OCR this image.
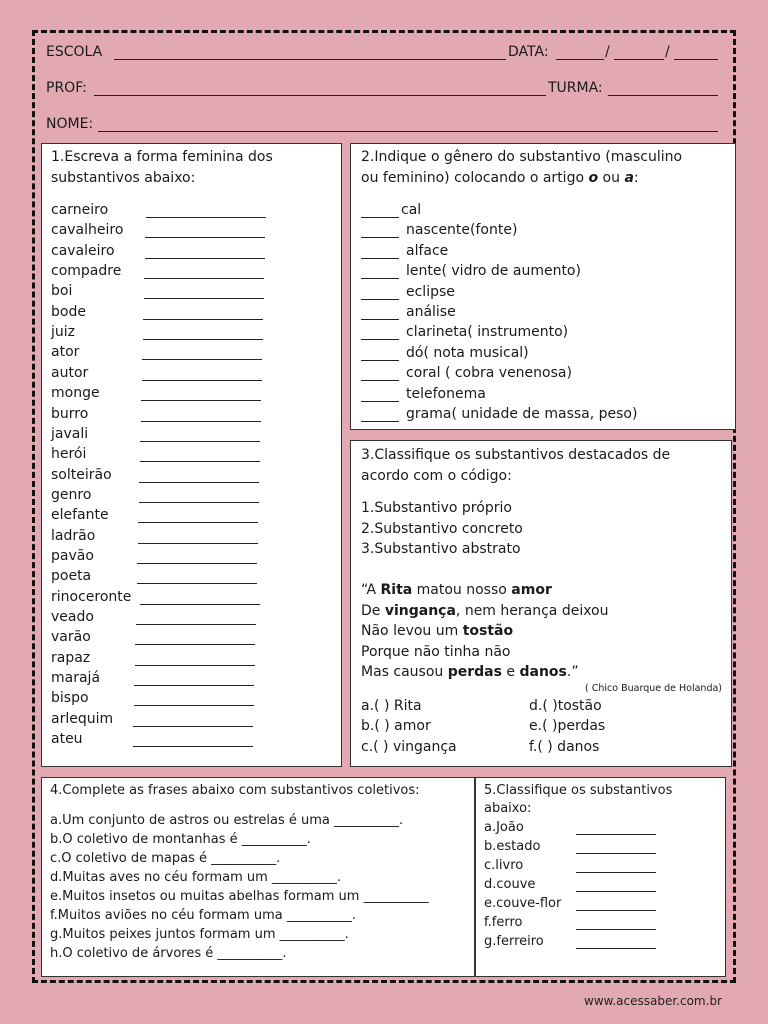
ESCOLA	DATA:	/	/
PROF:	TURMA:
NOME:
1.Escreva a forma feminina dos
substantivos abaixo:
carneiro
cavalheiro
cavaleiro
compadre
boi
bode
juiz
ator
autor
monge
burro
javali
herói
solteirão
genro
elefante
ladrão
pavão
poeta
rinoceronte
veado
varão
rapaz
marajá
bispo
arlequim
ateu
2.Indique o gênero do substantivo (masculino
ou feminino) colocando o artigo o ou a:
cal
nascente(fonte)
alface
lente( vidro de aumento)
eclipse
análise
clarineta( instrumento)
dó( nota musical)
coral ( cobra venenosa)
telefonema
grama( unidade de massa, peso)
3.Classifique os substantivos destacados de
acordo com o código:
1.Substantivo próprio
2.Substantivo concreto
3.Substantivo abstrato
“A Rita matou nosso amor
De vingança, nem herança deixou
Não levou um tostão
Porque não tinha não
Mas causou perdas e danos.”
( Chico Buarque de Holanda)
a.( ) Rita
b.( ) amor
c.( ) vingança
d.( )tostão
e.( )perdas
f.( ) danos
4.Complete as frases abaixo com substantivos coletivos:
a.Um conjunto de astros ou estrelas é uma __________.
b.O coletivo de montanhas é __________.
c.O coletivo de mapas é __________.
d.Muitas aves no céu formam um __________.
e.Muitos insetos ou muitas abelhas formam um __________
f.Muitos aviões no céu formam uma __________.
g.Muitos peixes juntos formam um __________.
h.O coletivo de árvores é __________.
5.Classifique os substantivos
abaixo:
a.João
b.estado
c.livro
d.couve
e.couve-flor
f.ferro
g.ferreiro
www.acessaber.com.br
